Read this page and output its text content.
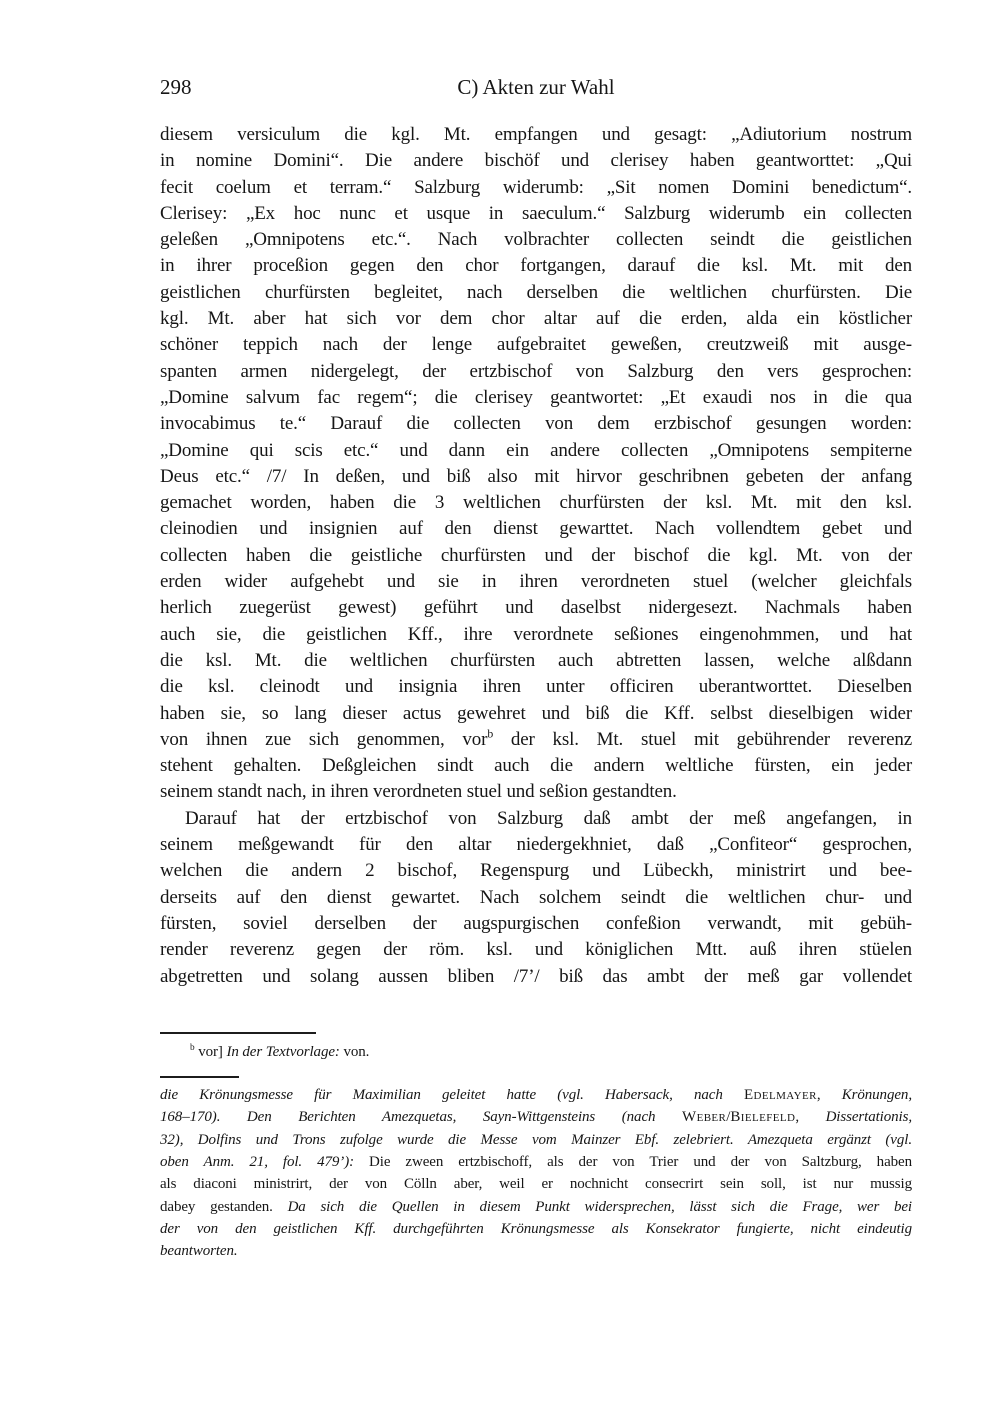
298	C) Akten zur Wahl
diesem versiculum die kgl. Mt. empfangen und gesagt: „Adiutorium nostrum
in nomine Domini“. Die andere bischöf und clerisey haben geantworttet: „Qui
fecit coelum et terram.“ Salzburg widerumb: „Sit nomen Domini benedictum“.
Clerisey: „Ex hoc nunc et usque in saeculum.“ Salzburg widerumb ein collecten
geleßen „Omnipotens etc.“. Nach volbrachter collecten seindt die geistlichen
in ihrer proceßion gegen den chor fortgangen, darauf die ksl. Mt. mit den
geistlichen churfürsten begleitet, nach derselben die weltlichen churfürsten. Die
kgl. Mt. aber hat sich vor dem chor altar auf die erden, alda ein köstlicher
schöner teppich nach der lenge aufgebraitet geweßen, creutzweiß mit ausge-
spanten armen nidergelegt, der ertzbischof von Salzburg den vers gesprochen:
„Domine salvum fac regem“; die clerisey geantwortet: „Et exaudi nos in die qua
invocabimus te.“ Darauf die collecten von dem erzbischof gesungen worden:
„Domine qui scis etc.“ und dann ein andere collecten „Omnipotens sempiterne
Deus etc.“ /7/ In deßen, und biß also mit hirvor geschribnen gebeten der anfang
gemachet worden, haben die 3 weltlichen churfürsten der ksl. Mt. mit den ksl.
cleinodien und insignien auf den dienst gewarttet. Nach vollendtem gebet und
collecten haben die geistliche churfürsten und der bischof die kgl. Mt. von der
erden wider aufgehebt und sie in ihren verordneten stuel (welcher gleichfals
herlich zuegerüst gewest) geführt und daselbst nidergesezt. Nachmals haben
auch sie, die geistlichen Kff., ihre verordnete seßiones eingenohmmen, und hat
die ksl. Mt. die weltlichen churfürsten auch abtretten lassen, welche alßdann
die ksl. cleinodt und insignia ihren unter officiren uberantworttet. Dieselben
haben sie, so lang dieser actus gewehret und biß die Kff. selbst dieselbigen wider
von ihnen zue sich genommen, vor$^b$ der ksl. Mt. stuel mit gebührender reverenz
stehent gehalten. Deßgleichen sindt auch die andern weltliche fürsten, ein jeder
seinem standt nach, in ihren verordneten stuel und seßion gestandten.
Darauf hat der ertzbischof von Salzburg daß ambt der meß angefangen, in
seinem meßgewandt für den altar niedergekhniet, daß „Confiteor“ gesprochen,
welchen die andern 2 bischof, Regenspurg und Lübeckh, ministrirt und bee-
derseits auf den dienst gewartet. Nach solchem seindt die weltlichen chur- und
fürsten, soviel derselben der augspurgischen confeßion verwandt, mit gebüh-
render reverenz gegen der röm. ksl. und königlichen Mtt. auß ihren stüelen
abgetretten und solang aussen bliben /7’/ biß das ambt der meß gar vollendet
$^b$ vor] In der Textvorlage: von.
die Krönungsmesse für Maximilian geleitet hatte (vgl. Habersack, nach Edelmayer, Krönungen,
168–170). Den Berichten Amezquetas, Sayn-Wittgensteins (nach Weber/Bielefeld, Dissertationis,
32), Dolfins und Trons zufolge wurde die Messe vom Mainzer Ebf. zelebriert. Amezqueta ergänzt (vgl.
oben Anm. 21, fol. 479’): Die zween ertzbischoff, als der von Trier und der von Saltzburg, haben
als diaconi ministrirt, der von Cölln aber, weil er nochnicht consecrirt sein soll, ist nur mussig
dabey gestanden. Da sich die Quellen in diesem Punkt widersprechen, lässt sich die Frage, wer bei
der von den geistlichen Kff. durchgeführten Krönungsmesse als Konsekrator fungierte, nicht eindeutig
beantworten.
